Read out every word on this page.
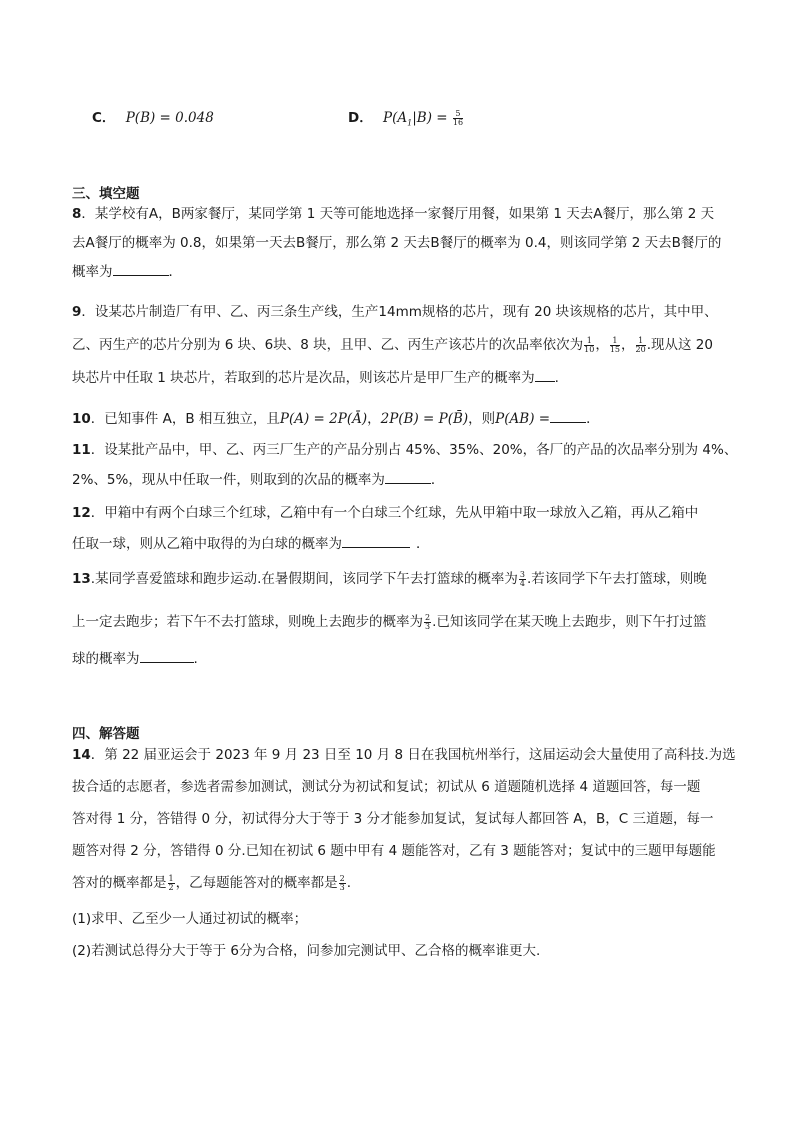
C． P(B) = 0.048	D． $P(A_1|B) = \frac{5}{16}$
三、填空题
8．某学校有A，B两家餐厅，某同学第 1 天等可能地选择一家餐厅用餐，如果第 1 天去A餐厅，那么第 2 天
去A餐厅的概率为 0.8，如果第一天去B餐厅，那么第 2 天去B餐厅的概率为 0.4，则该同学第 2 天去B餐厅的
概率为	．
9．设某芯片制造厂有甲、乙、丙三条生产线，生产14mm规格的芯片，现有 20 块该规格的芯片，其中甲、
乙、丙生产的芯片分别为 6 块、6块、8 块，且甲、乙、丙生产该芯片的次品率依次为 $\frac{1}{10}$ ， $\frac{1}{15}$ ， $\frac{1}{20}$ .现从这 20
块芯片中任取 1 块芯片，若取到的芯片是次品，则该芯片是甲厂生产的概率为 .
10．已知事件 A，B 相互独立，且P(A) = 2P(Ā)，2P(B) = P(B̄)，则P(AB) =	．
11．设某批产品中，甲、乙、丙三厂生产的产品分别占 45%、35%、20%，各厂的产品的次品率分别为 4%、
2%、5%，现从中任取一件，则取到的次品的概率为	．
12．甲箱中有两个白球三个红球，乙箱中有一个白球三个红球，先从甲箱中取一球放入乙箱，再从乙箱中
任取一球，则从乙箱中取得的为白球的概率为	．
13.某同学喜爱篮球和跑步运动.在暑假期间，该同学下午去打篮球的概率为 $\frac{3}{4}$ .若该同学下午去打篮球，则晚
上一定去跑步；若下午不去打篮球，则晚上去跑步的概率为 $\frac{2}{3}$ .已知该同学在某天晚上去跑步，则下午打过篮
球的概率为	.
四、解答题
14．第 22 届亚运会于 2023 年 9 月 23 日至 10 月 8 日在我国杭州举行，这届运动会大量使用了高科技.为选
拔合适的志愿者，参选者需参加测试，测试分为初试和复试；初试从 6 道题随机选择 4 道题回答，每一题
答对得 1 分，答错得 0 分，初试得分大于等于 3 分才能参加复试，复试每人都回答 A，B，C 三道题，每一
题答对得 2 分，答错得 0 分.已知在初试 6 题中甲有 4 题能答对，乙有 3 题能答对；复试中的三题甲每题能
答对的概率都是 $\frac{1}{2}$ ，乙每题能答对的概率都是 $\frac{2}{3}$ .
(1)求甲、乙至少一人通过初试的概率；
(2)若测试总得分大于等于 6分为合格，问参加完测试甲、乙合格的概率谁更大.
